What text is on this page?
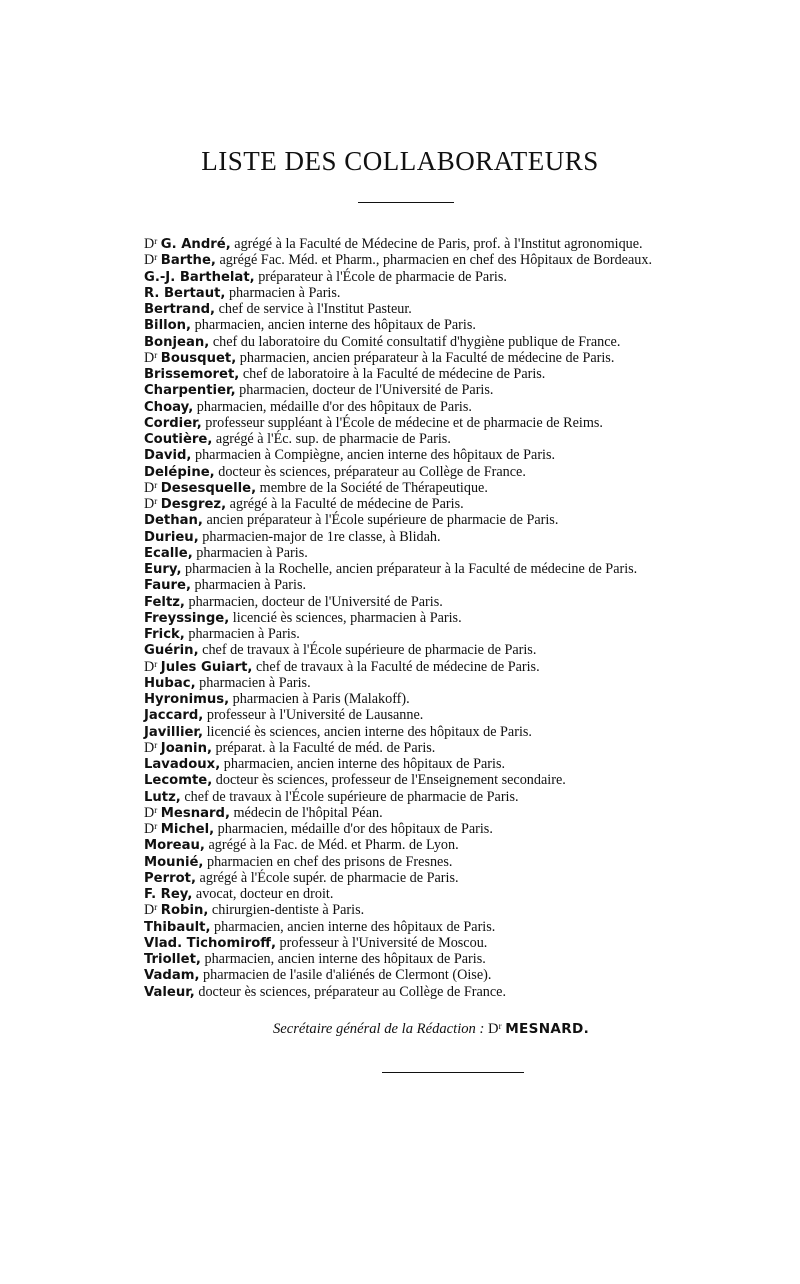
LISTE DES COLLABORATEURS
$D^r$ G. André, agrégé à la Faculté de Médecine de Paris, prof. à l'Institut agronomique.
$D^r$ Barthe, agrégé Fac. Méd. et Pharm., pharmacien en chef des Hôpitaux de Bordeaux.
G.-J. Barthelat, préparateur à l'École de pharmacie de Paris.
R. Bertaut, pharmacien à Paris.
Bertrand, chef de service à l'Institut Pasteur.
Billon, pharmacien, ancien interne des hôpitaux de Paris.
Bonjean, chef du laboratoire du Comité consultatif d'hygiène publique de France.
$D^r$ Bousquet, pharmacien, ancien préparateur à la Faculté de médecine de Paris.
Brissemoret, chef de laboratoire à la Faculté de médecine de Paris.
Charpentier, pharmacien, docteur de l'Université de Paris.
Choay, pharmacien, médaille d'or des hôpitaux de Paris.
Cordier, professeur suppléant à l'École de médecine et de pharmacie de Reims.
Coutière, agrégé à l'Éc. sup. de pharmacie de Paris.
David, pharmacien à Compiègne, ancien interne des hôpitaux de Paris.
Delépine, docteur ès sciences, préparateur au Collège de France.
$D^r$ Desesquelle, membre de la Société de Thérapeutique.
$D^r$ Desgrez, agrégé à la Faculté de médecine de Paris.
Dethan, ancien préparateur à l'École supérieure de pharmacie de Paris.
Durieu, pharmacien-major de 1re classe, à Blidah.
Ecalle, pharmacien à Paris.
Eury, pharmacien à la Rochelle, ancien préparateur à la Faculté de médecine de Paris.
Faure, pharmacien à Paris.
Feltz, pharmacien, docteur de l'Université de Paris.
Freyssinge, licencié ès sciences, pharmacien à Paris.
Frick, pharmacien à Paris.
Guérin, chef de travaux à l'École supérieure de pharmacie de Paris.
$D^r$ Jules Guiart, chef de travaux à la Faculté de médecine de Paris.
Hubac, pharmacien à Paris.
Hyronimus, pharmacien à Paris (Malakoff).
Jaccard, professeur à l'Université de Lausanne.
Javillier, licencié ès sciences, ancien interne des hôpitaux de Paris.
$D^r$ Joanin, préparat. à la Faculté de méd. de Paris.
Lavadoux, pharmacien, ancien interne des hôpitaux de Paris.
Lecomte, docteur ès sciences, professeur de l'Enseignement secondaire.
Lutz, chef de travaux à l'École supérieure de pharmacie de Paris.
$D^r$ Mesnard, médecin de l'hôpital Péan.
$D^r$ Michel, pharmacien, médaille d'or des hôpitaux de Paris.
Moreau, agrégé à la Fac. de Méd. et Pharm. de Lyon.
Mounié, pharmacien en chef des prisons de Fresnes.
Perrot, agrégé à l'École supér. de pharmacie de Paris.
F. Rey, avocat, docteur en droit.
$D^r$ Robin, chirurgien-dentiste à Paris.
Thibault, pharmacien, ancien interne des hôpitaux de Paris.
Vlad. Tichomiroff, professeur à l'Université de Moscou.
Triollet, pharmacien, ancien interne des hôpitaux de Paris.
Vadam, pharmacien de l'asile d'aliénés de Clermont (Oise).
Valeur, docteur ès sciences, préparateur au Collège de France.
Secrétaire général de la Rédaction : $D^r$ MESNARD.
